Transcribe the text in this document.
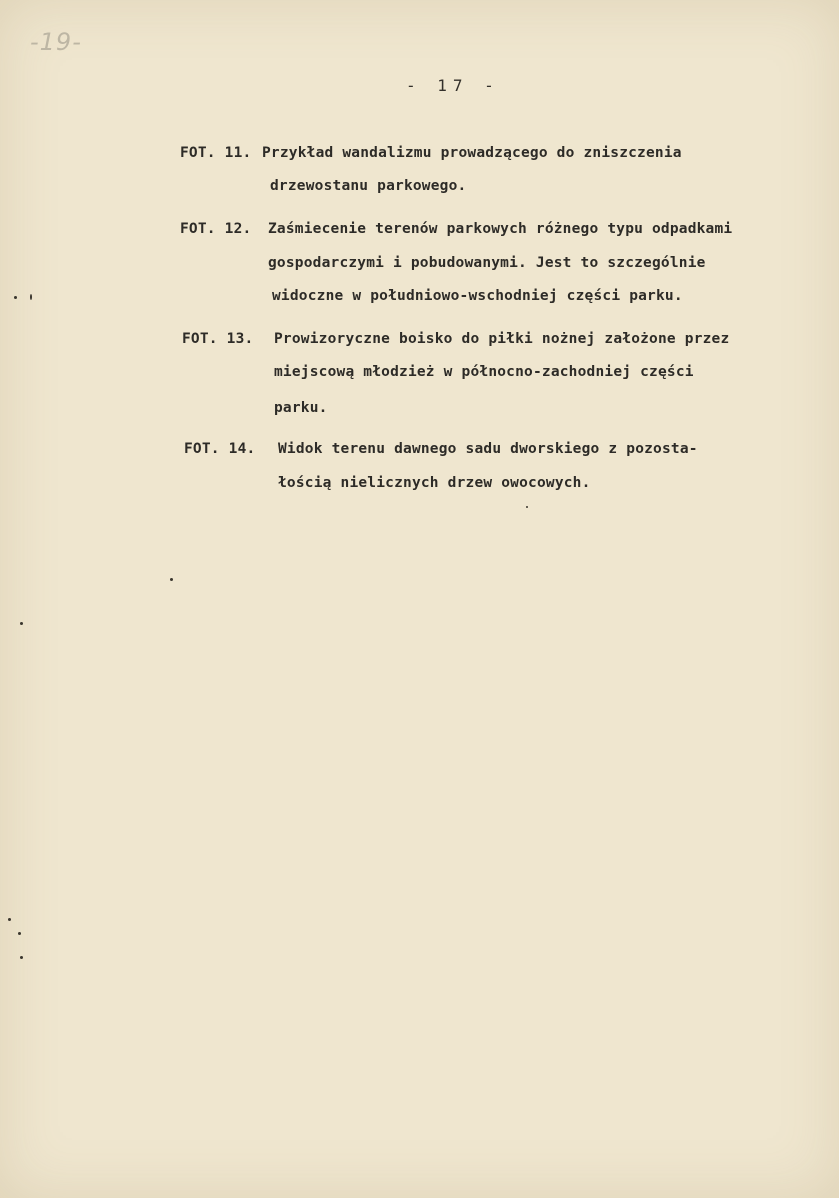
-19-
- 17 -
FOT. 11. Przykład wandalizmu prowadzącego do zniszczenia
drzewostanu parkowego.
FOT. 12. Zaśmiecenie terenów parkowych różnego typu odpadkami
gospodarczymi i pobudowanymi. Jest to szczególnie
widoczne w południowo-wschodniej części parku.
FOT. 13. Prowizoryczne boisko do piłki nożnej założone przez
miejscową młodzież w północno-zachodniej części
parku.
FOT. 14. Widok terenu dawnego sadu dworskiego z pozosta-
łością nielicznych drzew owocowych.
